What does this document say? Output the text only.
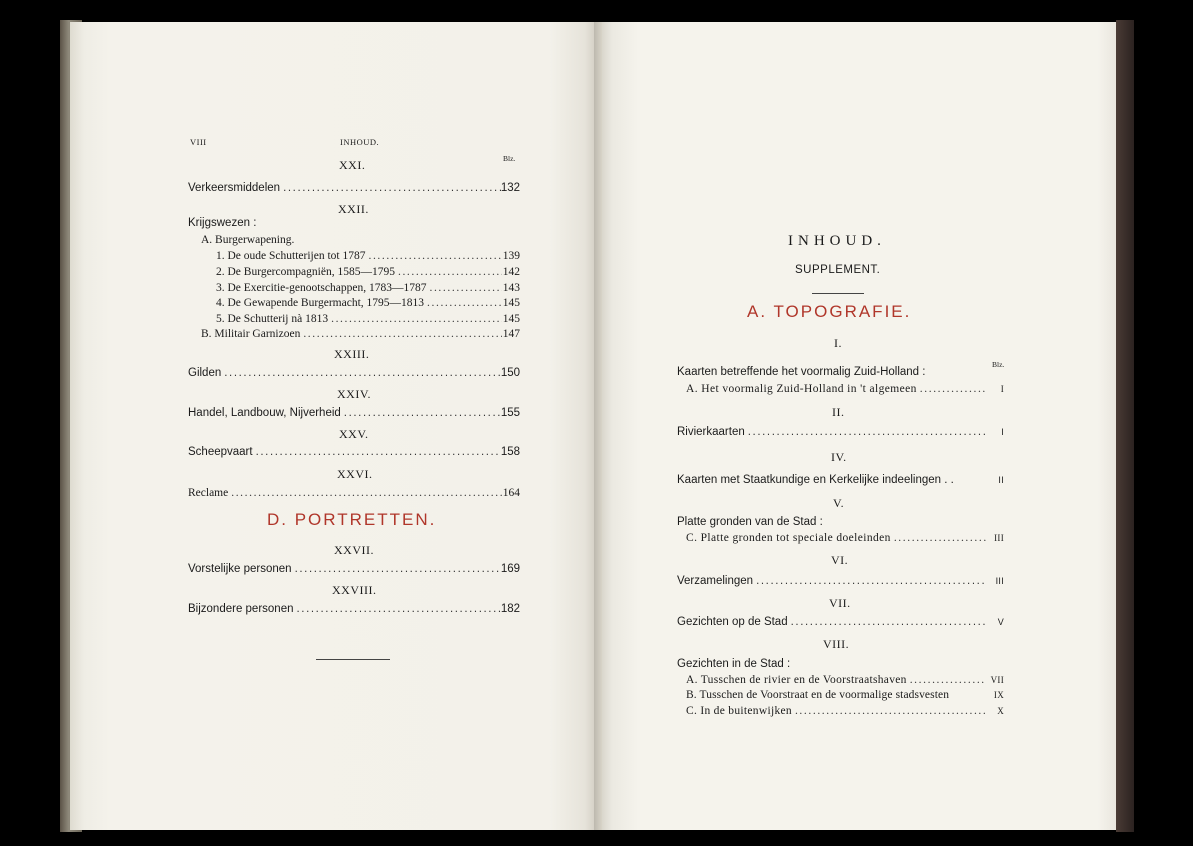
VIII	INHOUD.
Blz.
XXI.
Verkeersmiddelen .....	132
XXII.
Krijgswezen :
A. Burgerwapening.
1. De oude Schutterijen tot 1787 .....	139
2. De Burgercompagniën, 1585—1795 .....	142
3. De Exercitie-genootschappen, 1783—1787 .....	143
4. De Gewapende Burgermacht, 1795—1813 .....	145
5. De Schutterij nà 1813 .....	145
B. Militair Garnizoen .....	147
XXIII.
Gilden .....	150
XXIV.
Handel, Landbouw, Nijverheid .....	155
XXV.
Scheepvaart .....	158
XXVI.
Reclame .....	164
D. PORTRETTEN.
XXVII.
Vorstelijke personen .....	169
XXVIII.
Bijzondere personen .....	182
INHOUD.
SUPPLEMENT.
A. TOPOGRAFIE.
I.
Blz.
Kaarten betreffende het voormalig Zuid-Holland :
A. Het voormalig Zuid-Holland in 't algemeen .....	I
II.
Rivierkaarten .....	I
IV.
Kaarten met Staatkundige en Kerkelijke indeelingen . .	II
V.
Platte gronden van de Stad :
C. Platte gronden tot speciale doeleinden .....	III
VI.
Verzamelingen .....	III
VII.
Gezichten op de Stad .....	V
VIII.
Gezichten in de Stad :
A. Tusschen de rivier en de Voorstraatshaven .....	VII
B. Tusschen de Voorstraat en de voormalige stadsvesten	IX
C. In de buitenwijken .....	X
